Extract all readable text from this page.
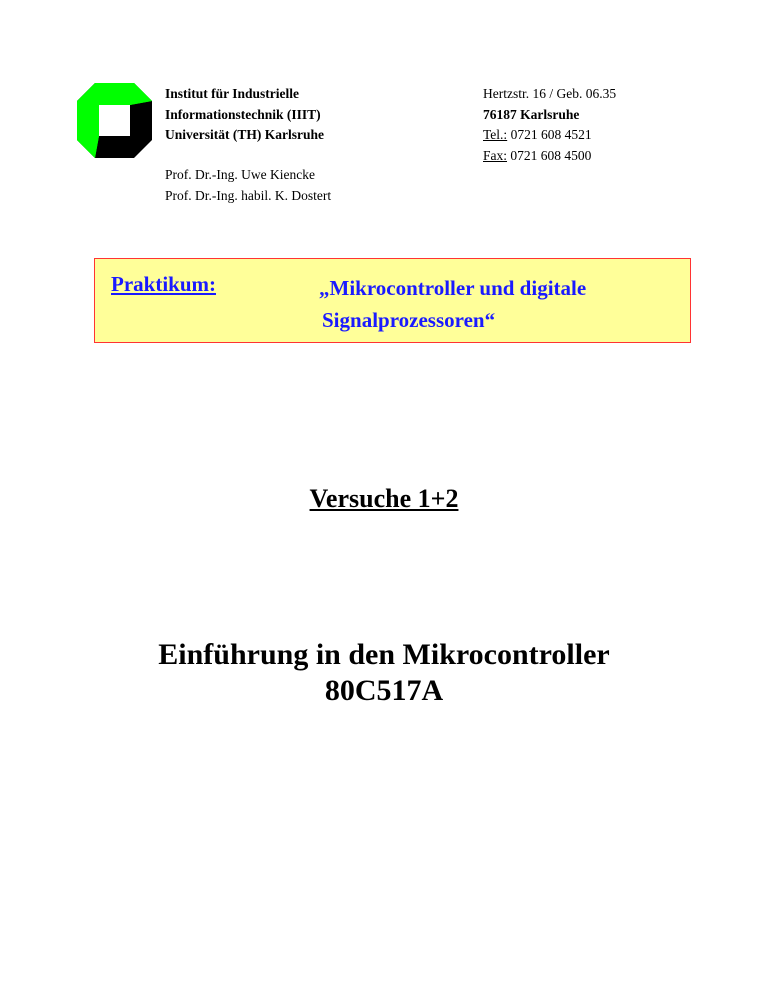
Institut für Industrielle
Informationstechnik (IIIT)
Universität (TH) Karlsruhe
Hertzstr. 16 / Geb. 06.35
76187 Karlsruhe
Tel.: 0721 608 4521
Fax: 0721 608 4500
Prof. Dr.-Ing. Uwe Kiencke
Prof. Dr.-Ing. habil. K. Dostert
Praktikum:	„Mikrocontroller und digitale
Signalprozessoren“
Versuche 1+2
Einführung in den Mikrocontroller
80C517A
